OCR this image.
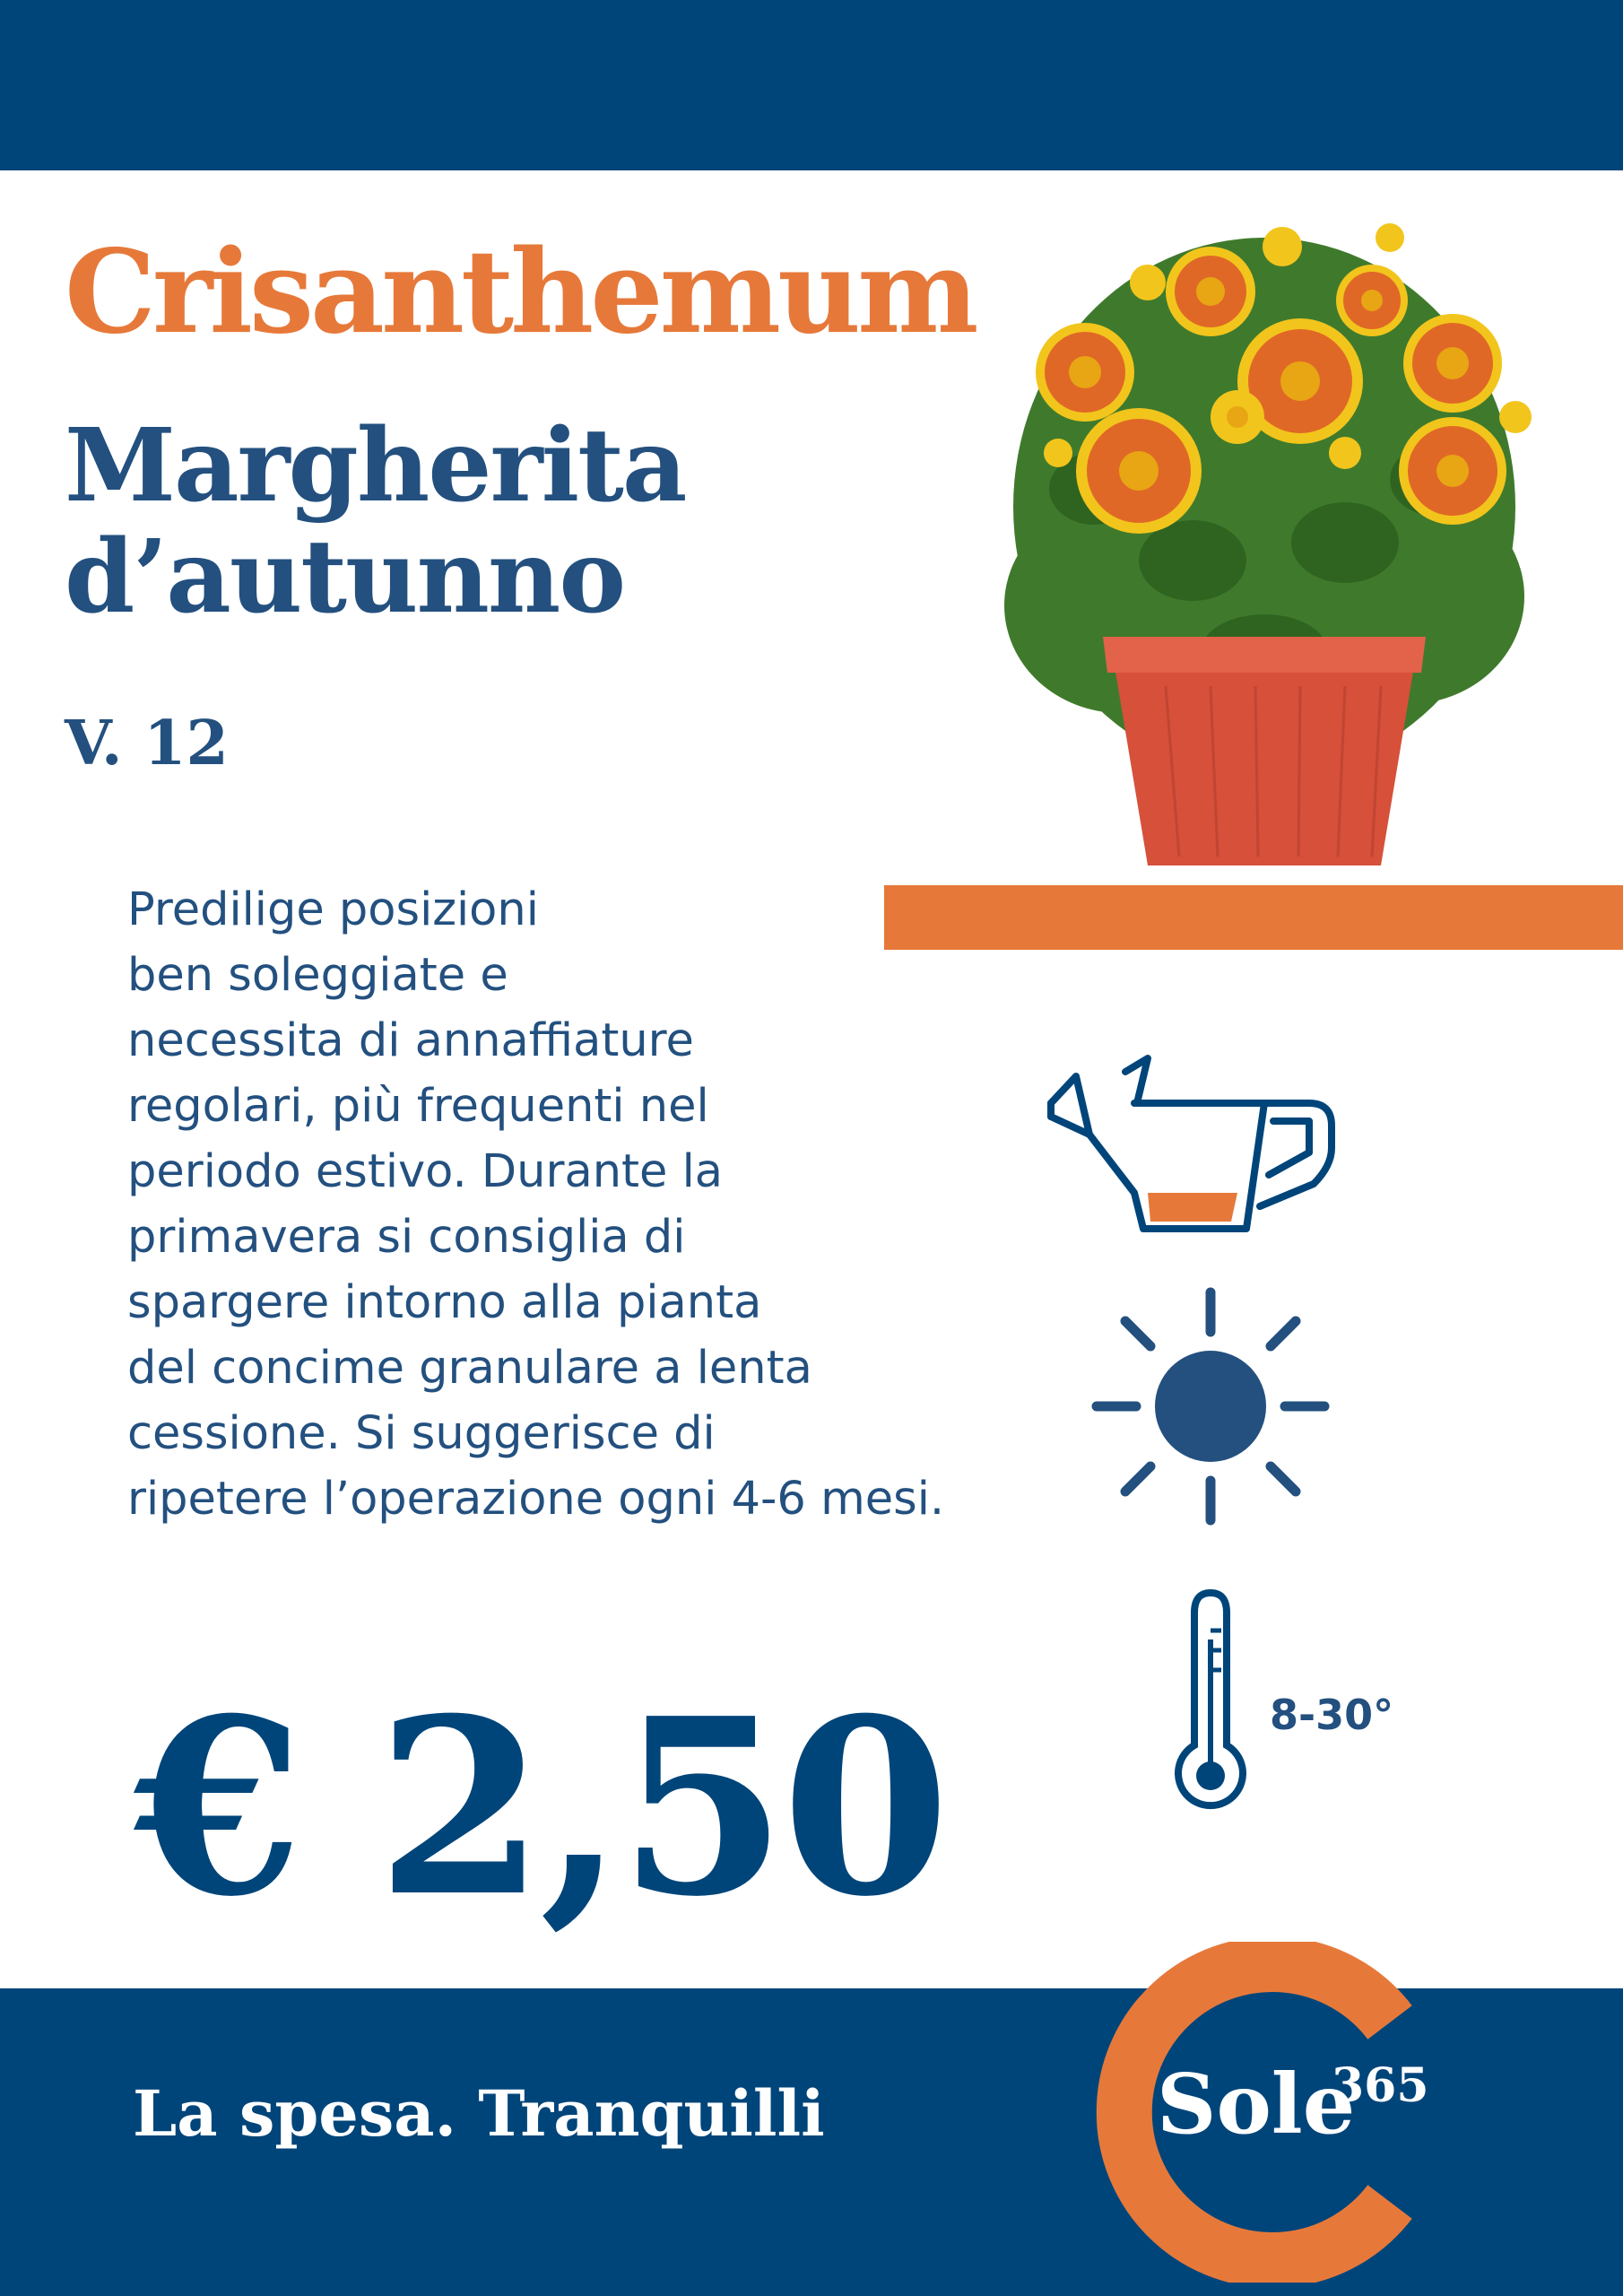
Crisanthemum
Margherita
d’autunno
V. 12
Predilige posizioni
ben soleggiate e
necessita di annaffiature
regolari, più frequenti nel
periodo estivo. Durante la
primavera si consiglia di
spargere intorno alla pianta
del concime granulare a lenta
cessione. Si suggerisce di
ripetere l’operazione ogni 4-6 mesi.
8-30°
€ 2,50
La spesa. Tranquilli	Sole
365
